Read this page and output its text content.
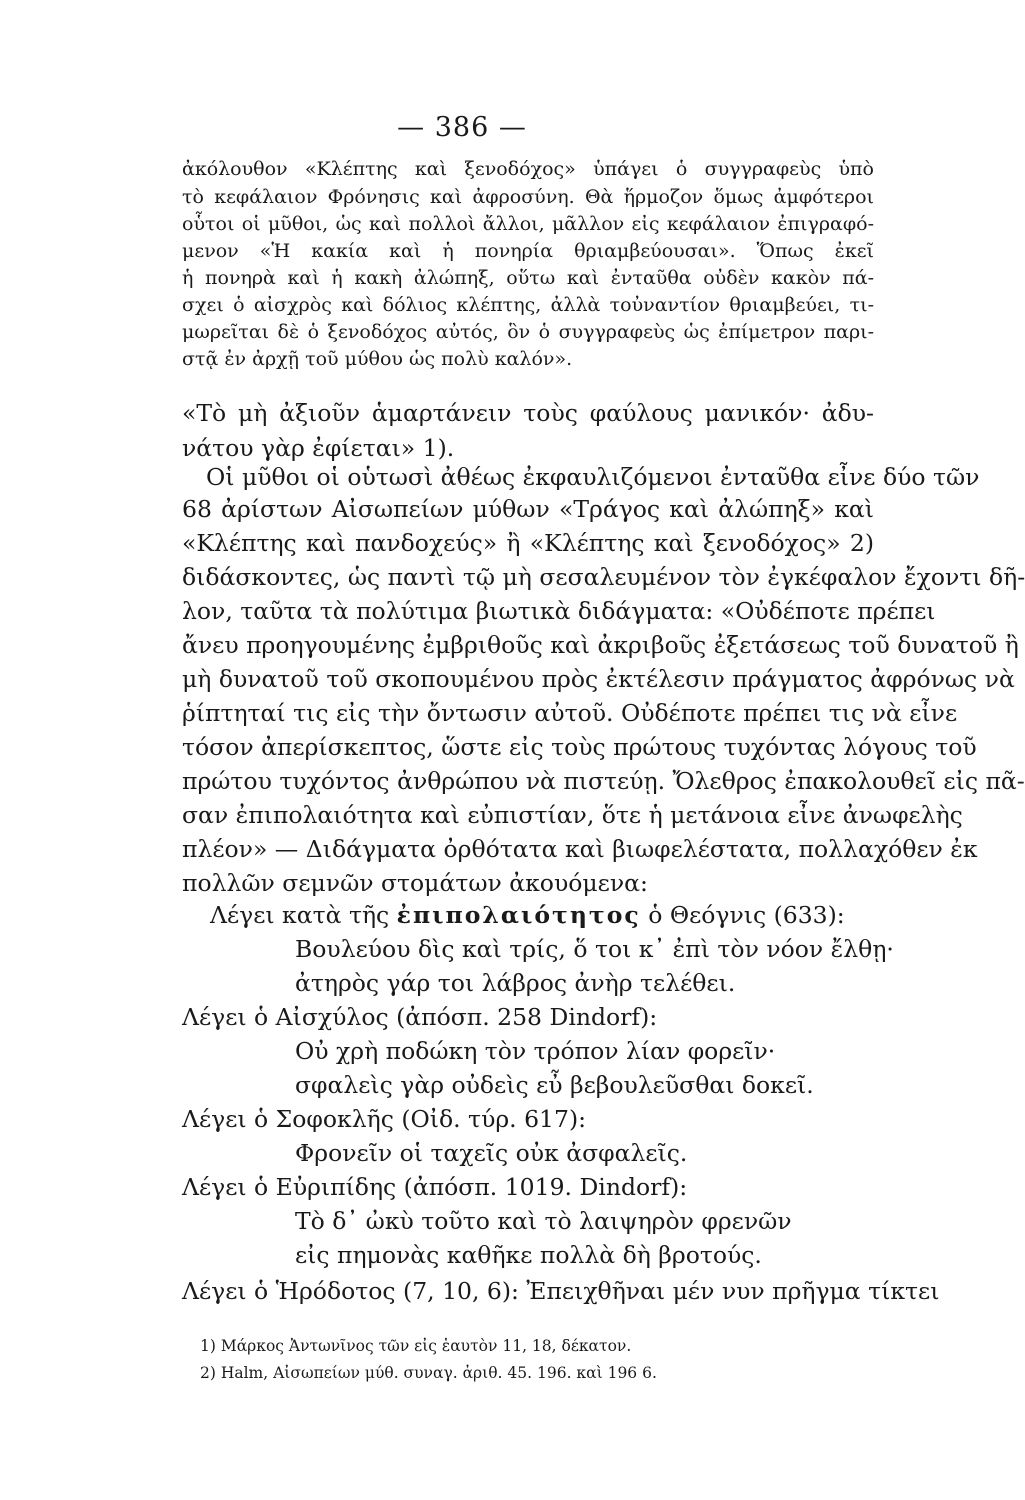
— 386 —
ἀκόλουθον «Κλέπτης καὶ ξενοδόχος» ὑπάγει ὁ συγγραφεὺς ὑπὸ
τὸ κεφάλαιον Φρόνησις καὶ ἀφροσύνη. Θὰ ἥρμοζον ὅμως ἀμφότεροι
οὗτοι οἱ μῦθοι, ὡς καὶ πολλοὶ ἄλλοι, μᾶλλον εἰς κεφάλαιον ἐπιγραφό-
μενον «Ἡ κακία καὶ ἡ πονηρία θριαμβεύουσαι». Ὅπως ἐκεῖ
ἡ πονηρὰ καὶ ἡ κακὴ ἀλώπηξ, οὕτω καὶ ἐνταῦθα οὐδὲν κακὸν πά-
σχει ὁ αἰσχρὸς καὶ δόλιος κλέπτης, ἀλλὰ τοὐναντίον θριαμβεύει, τι-
μωρεῖται δὲ ὁ ξενοδόχος αὐτός, ὃν ὁ συγγραφεὺς ὡς ἐπίμετρον παρι-
στᾷ ἐν ἀρχῇ τοῦ μύθου ὡς πολὺ καλόν».
«Τὸ μὴ ἀξιοῦν ἁμαρτάνειν τοὺς φαύλους μανικόν· ἀδυ-
νάτου γὰρ ἐφίεται» 1).
Οἱ μῦθοι οἱ οὑτωσὶ ἀθέως ἐκφαυλιζόμενοι ἐνταῦθα εἶνε δύο τῶν
68 ἀρίστων Αἰσωπείων μύθων «Τράγος καὶ ἀλώπηξ» καὶ
«Κλέπτης καὶ πανδοχεύς» ἢ «Κλέπτης καὶ ξενοδόχος» 2)
διδάσκοντες, ὡς παντὶ τῷ μὴ σεσαλευμένον τὸν ἐγκέφαλον ἔχοντι δῆ-
λον, ταῦτα τὰ πολύτιμα βιωτικὰ διδάγματα: «Οὐδέποτε πρέπει
ἄνευ προηγουμένης ἐμβριθοῦς καὶ ἀκριβοῦς ἐξετάσεως τοῦ δυνατοῦ ἢ
μὴ δυνατοῦ τοῦ σκοπουμένου πρὸς ἐκτέλεσιν πράγματος ἀφρόνως νὰ
ῥίπτηταί τις εἰς τὴν ὄντωσιν αὐτοῦ. Οὐδέποτε πρέπει τις νὰ εἶνε
τόσον ἀπερίσκεπτος, ὥστε εἰς τοὺς πρώτους τυχόντας λόγους τοῦ
πρώτου τυχόντος ἀνθρώπου νὰ πιστεύῃ. Ὄλεθρος ἐπακολουθεῖ εἰς πᾶ-
σαν ἐπιπολαιότητα καὶ εὐπιστίαν, ὅτε ἡ μετάνοια εἶνε ἀνωφελὴς
πλέον» — Διδάγματα ὀρθότατα καὶ βιωφελέστατα, πολλαχόθεν ἐκ
πολλῶν σεμνῶν στομάτων ἀκουόμενα:
Λέγει κατὰ τῆς ἐπιπολαιότητος ὁ Θεόγνις (633):
Βουλεύου δὶς καὶ τρίς, ὅ τοι κ᾽ ἐπὶ τὸν νόον ἔλθῃ·
ἀτηρὸς γάρ τοι λάβρος ἀνὴρ τελέθει.
Λέγει ὁ Αἰσχύλος (ἀπόσπ. 258 Dindorf):
Οὐ χρὴ ποδώκη τὸν τρόπον λίαν φορεῖν·
σφαλεὶς γὰρ οὐδεὶς εὖ βεβουλεῦσθαι δοκεῖ.
Λέγει ὁ Σοφοκλῆς (Οἰδ. τύρ. 617):
Φρονεῖν οἱ ταχεῖς οὐκ ἀσφαλεῖς.
Λέγει ὁ Εὐριπίδης (ἀπόσπ. 1019. Dindorf):
Τὸ δ᾽ ὠκὺ τοῦτο καὶ τὸ λαιψηρὸν φρενῶν
εἰς πημονὰς καθῆκε πολλὰ δὴ βροτούς.
Λέγει ὁ Ἡρόδοτος (7, 10, 6): Ἐπειχθῆναι μέν νυν πρῆγμα τίκτει
1) Μάρκος Ἀντωνῖνος τῶν εἰς ἑαυτὸν 11, 18, δέκατον.
2) Halm, Αἰσωπείων μύθ. συναγ. ἀριθ. 45. 196. καὶ 196 6.
